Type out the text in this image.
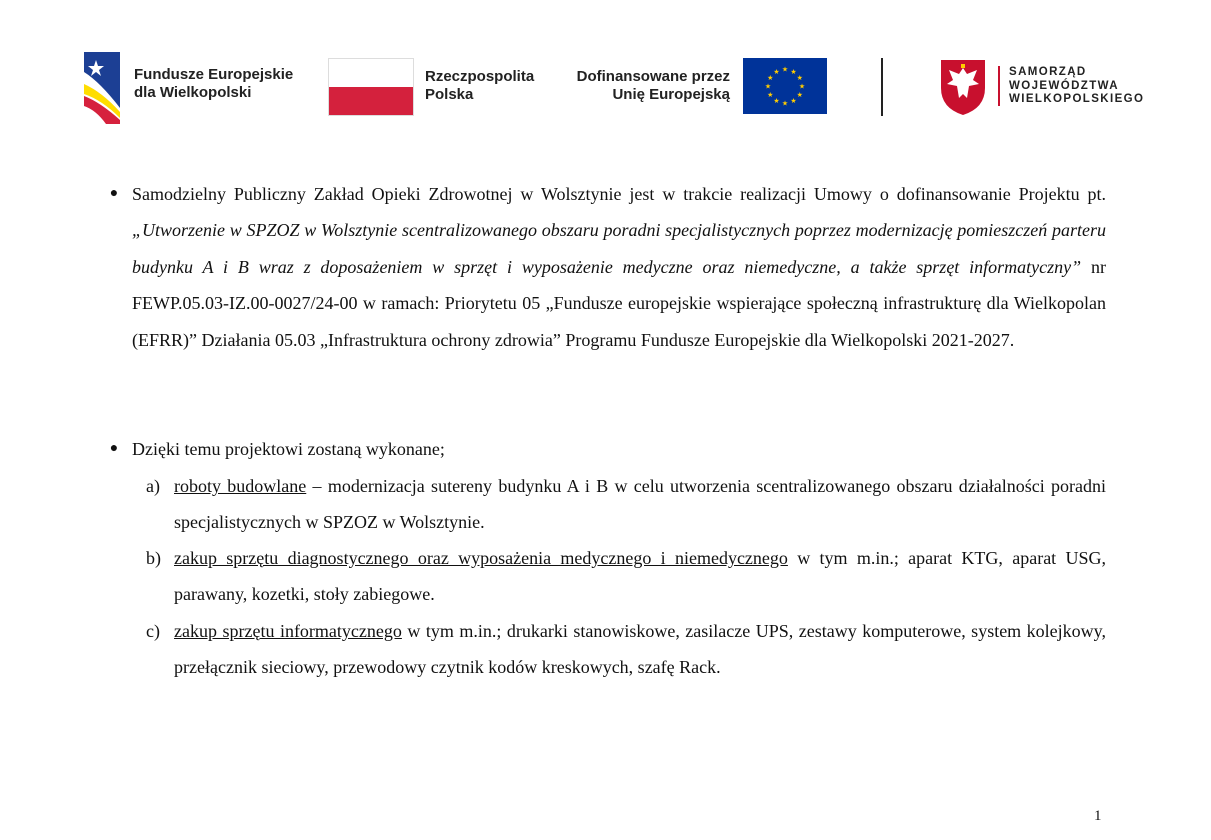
Fundusze Europejskie
dla Wielkopolski
Rzeczpospolita
Polska
Dofinansowane przez
Unię Europejską
★ ★
★
★
★
★
★
★
★
★
★
★	SAMORZĄD
WOJEWÓDZTWA
WIELKOPOLSKIEGO
● Samodzielny Publiczny Zakład Opieki Zdrowotnej w Wolsztynie jest w trakcie realizacji Umowy o dofinansowanie Projektu pt. „Utworzenie w SPZOZ w Wolsztynie scentralizowanego obszaru poradni specjalistycznych poprzez modernizację pomieszczeń parteru budynku A i B wraz z doposażeniem w sprzęt i wyposażenie medyczne oraz niemedyczne, a także sprzęt informatyczny” nr FEWP.05.03-IZ.00-0027/24-00 w ramach: Priorytetu 05 „Fundusze europejskie wspierające społeczną infrastrukturę dla Wielkopolan (EFRR)” Działania 05.03 „Infrastruktura ochrony zdrowia” Programu Fundusze Europejskie dla Wielkopolski 2021-2027.
● Dzięki temu projektowi zostaną wykonane;
a) roboty budowlane – modernizacja sutereny budynku A i B w celu utworzenia scentralizowanego obszaru działalności poradni specjalistycznych w SPZOZ w Wolsztynie.
b) zakup sprzętu diagnostycznego oraz wyposażenia medycznego i niemedycznego w tym m.in.; aparat KTG, aparat USG, parawany, kozetki, stoły zabiegowe.
c) zakup sprzętu informatycznego w tym m.in.; drukarki stanowiskowe, zasilacze UPS, zestawy komputerowe, system kolejkowy, przełącznik sieciowy, przewodowy czytnik kodów kreskowych, szafę Rack.
1
